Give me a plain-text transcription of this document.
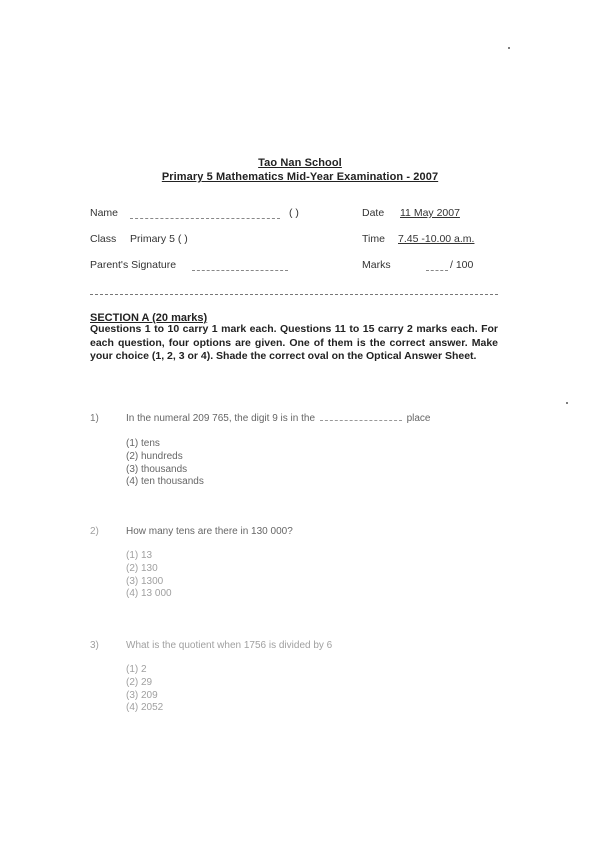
Tao Nan School
Primary 5 Mathematics Mid-Year Examination - 2007
Name	( )	Date 11 May 2007
Class Primary 5 ( )	Time 7.45 -10.00 a.m.
Parent's Signature	Marks	/ 100
SECTION A (20 marks)
Questions 1 to 10 carry 1 mark each. Questions 11 to 15 carry 2 marks each. For each question, four options are given. One of them is the correct answer. Make your choice (1, 2, 3 or 4). Shade the correct oval on the Optical Answer Sheet.
1)	In the numeral 209 765, the digit 9 is in the	place
(1) tens
(2) hundreds
(3) thousands
(4) ten thousands
2)	How many tens are there in 130 000?
(1) 13
(2) 130
(3) 1300
(4) 13 000
3)	What is the quotient when 1756 is divided by 6
(1) 2
(2) 29
(3) 209
(4) 2052
